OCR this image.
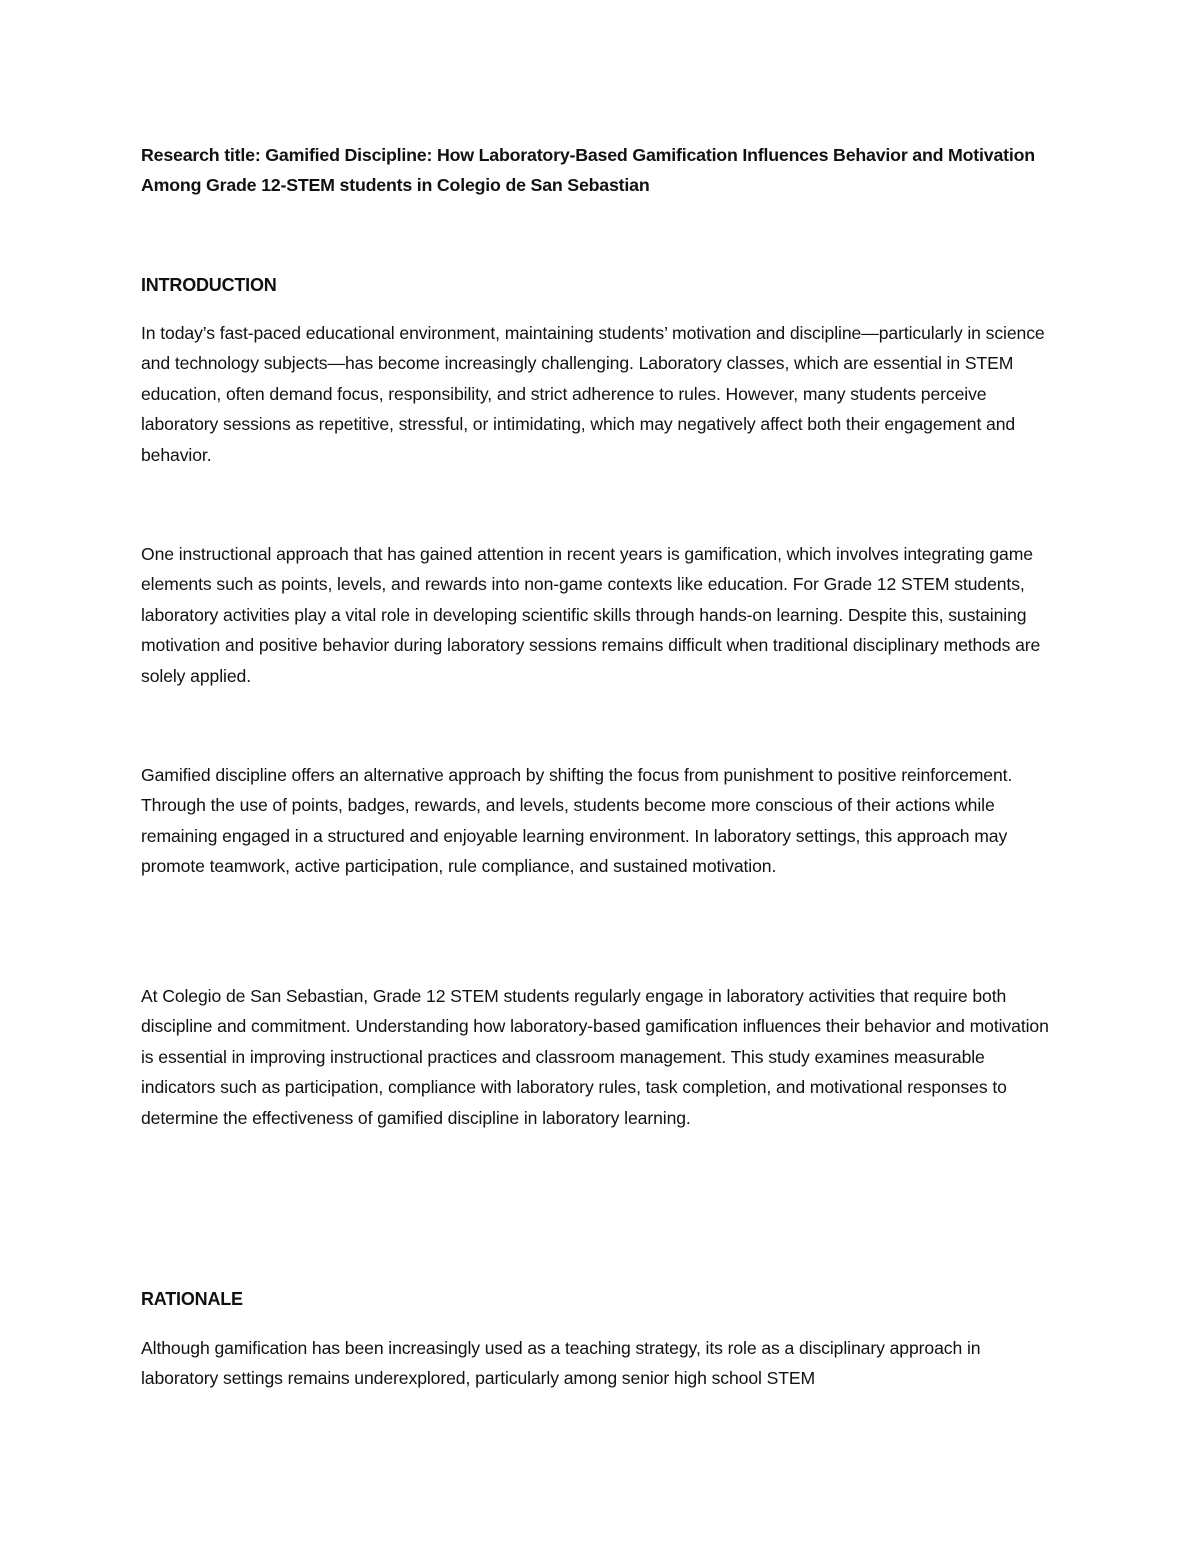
Research title: Gamified Discipline: How Laboratory-Based Gamification Influences Behavior and Motivation Among Grade 12-STEM students in Colegio de San Sebastian

INTRODUCTION

In today’s fast-paced educational environment, maintaining students’ motivation and discipline—particularly in science and technology subjects—has become increasingly challenging. Laboratory classes, which are essential in STEM education, often demand focus, responsibility, and strict adherence to rules. However, many students perceive laboratory sessions as repetitive, stressful, or intimidating, which may negatively affect both their engagement and behavior.

One instructional approach that has gained attention in recent years is gamification, which involves integrating game elements such as points, levels, and rewards into non-game contexts like education. For Grade 12 STEM students, laboratory activities play a vital role in developing scientific skills through hands-on learning. Despite this, sustaining motivation and positive behavior during laboratory sessions remains difficult when traditional disciplinary methods are solely applied.

Gamified discipline offers an alternative approach by shifting the focus from punishment to positive reinforcement. Through the use of points, badges, rewards, and levels, students become more conscious of their actions while remaining engaged in a structured and enjoyable learning environment. In laboratory settings, this approach may promote teamwork, active participation, rule compliance, and sustained motivation.

At Colegio de San Sebastian, Grade 12 STEM students regularly engage in laboratory activities that require both discipline and commitment. Understanding how laboratory-based gamification influences their behavior and motivation is essential in improving instructional practices and classroom management. This study examines measurable indicators such as participation, compliance with laboratory rules, task completion, and motivational responses to determine the effectiveness of gamified discipline in laboratory learning.

RATIONALE

Although gamification has been increasingly used as a teaching strategy, its role as a disciplinary approach in laboratory settings remains underexplored, particularly among senior high school STEM
